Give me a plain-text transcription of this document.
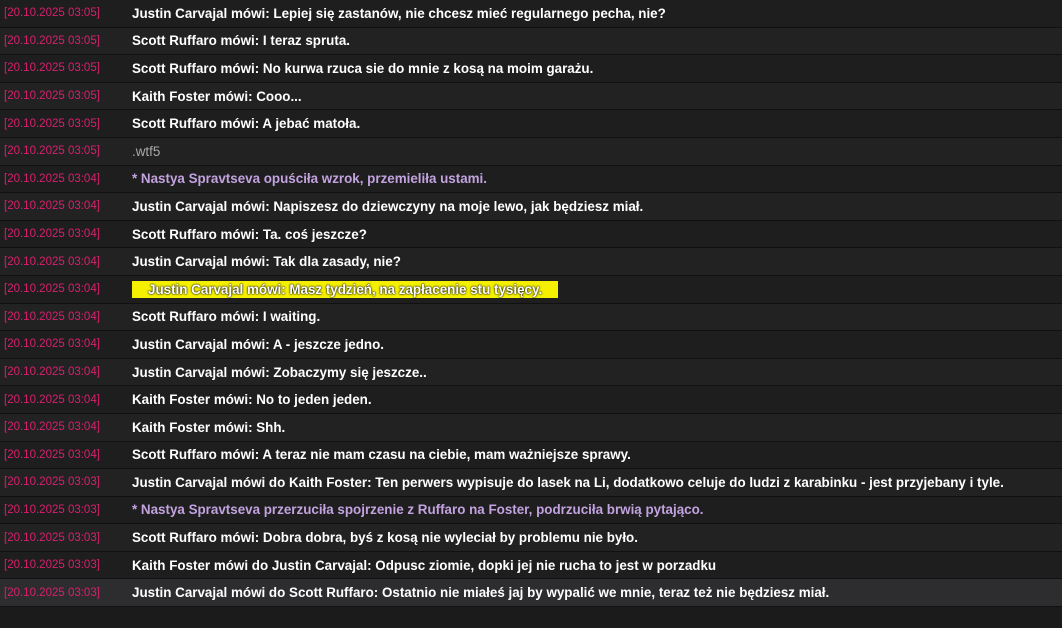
[20.10.2025 03:05]	Justin Carvajal mówi: Lepiej się zastanów, nie chcesz mieć regularnego pecha, nie?
[20.10.2025 03:05]	Scott Ruffaro mówi: I teraz spruta.
[20.10.2025 03:05]	Scott Ruffaro mówi: No kurwa rzuca sie do mnie z kosą na moim garażu.
[20.10.2025 03:05]	Kaith Foster mówi: Cooo...
[20.10.2025 03:05]	Scott Ruffaro mówi: A jebać matoła.
[20.10.2025 03:05]	.wtf5
[20.10.2025 03:04]	* Nastya Spravtseva opuściła wzrok, przemieliła ustami.
[20.10.2025 03:04]	Justin Carvajal mówi: Napiszesz do dziewczyny na moje lewo, jak będziesz miał.
[20.10.2025 03:04]	Scott Ruffaro mówi: Ta. coś jeszcze?
[20.10.2025 03:04]	Justin Carvajal mówi: Tak dla zasady, nie?
[20.10.2025 03:04]	Justin Carvajal mówi: Masz tydzień, na zapłacenie stu tysięcy.
[20.10.2025 03:04]	Scott Ruffaro mówi: I waiting.
[20.10.2025 03:04]	Justin Carvajal mówi: A - jeszcze jedno.
[20.10.2025 03:04]	Justin Carvajal mówi: Zobaczymy się jeszcze..
[20.10.2025 03:04]	Kaith Foster mówi: No to jeden jeden.
[20.10.2025 03:04]	Kaith Foster mówi: Shh.
[20.10.2025 03:04]	Scott Ruffaro mówi: A teraz nie mam czasu na ciebie, mam ważniejsze sprawy.
[20.10.2025 03:03]	Justin Carvajal mówi do Kaith Foster: Ten perwers wypisuje do lasek na Li, dodatkowo celuje do ludzi z karabinku - jest przyjebany i tyle.
[20.10.2025 03:03]	* Nastya Spravtseva przerzuciła spojrzenie z Ruffaro na Foster, podrzuciła brwią pytająco.
[20.10.2025 03:03]	Scott Ruffaro mówi: Dobra dobra, byś z kosą nie wyleciał by problemu nie było.
[20.10.2025 03:03]	Kaith Foster mówi do Justin Carvajal: Odpusc ziomie, dopki jej nie rucha to jest w porzadku
[20.10.2025 03:03]	Justin Carvajal mówi do Scott Ruffaro: Ostatnio nie miałeś jaj by wypalić we mnie, teraz też nie będziesz miał.
